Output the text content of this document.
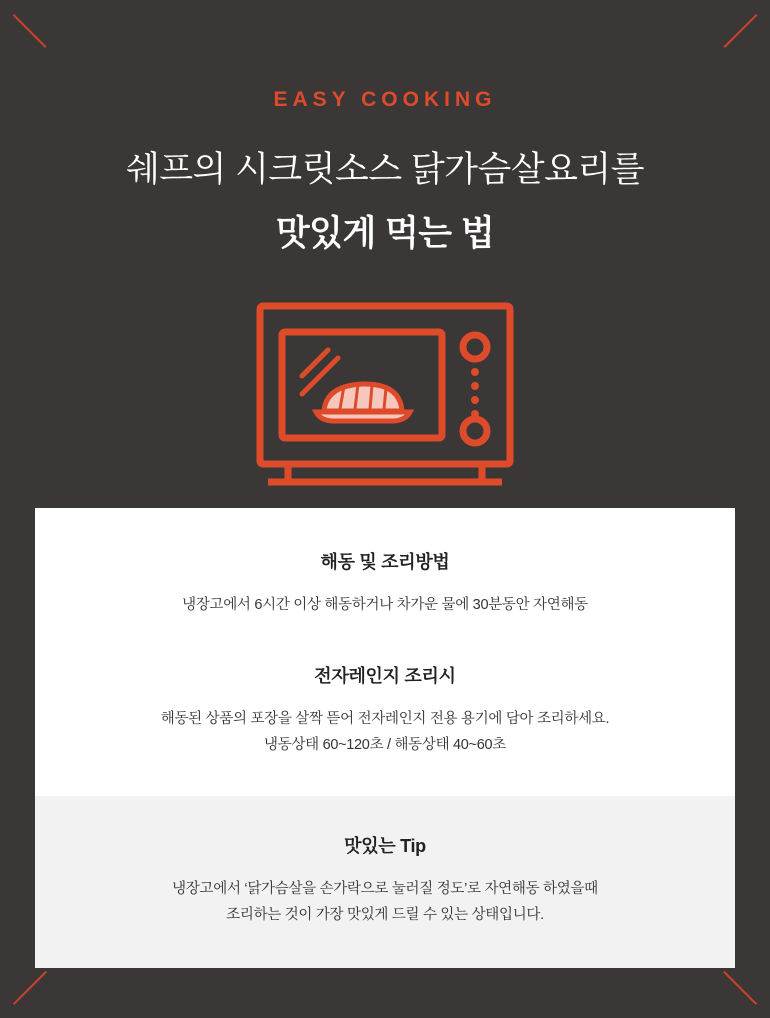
EASY COOKING
쉐프의 시크릿소스 닭가슴살요리를
맛있게 먹는 법
해동 및 조리방법
냉장고에서 6시간 이상 해동하거나 차가운 물에 30분동안 자연해동
전자레인지 조리시
해동된 상품의 포장을 살짝 뜯어 전자레인지 전용 용기에 담아 조리하세요.
냉동상태 60~120초 / 해동상태 40~60초
맛있는 Tip
냉장고에서 ‘닭가슴살을 손가락으로 눌러질 정도’로 자연해동 하였을때
조리하는 것이 가장 맛있게 드릴 수 있는 상태입니다.
